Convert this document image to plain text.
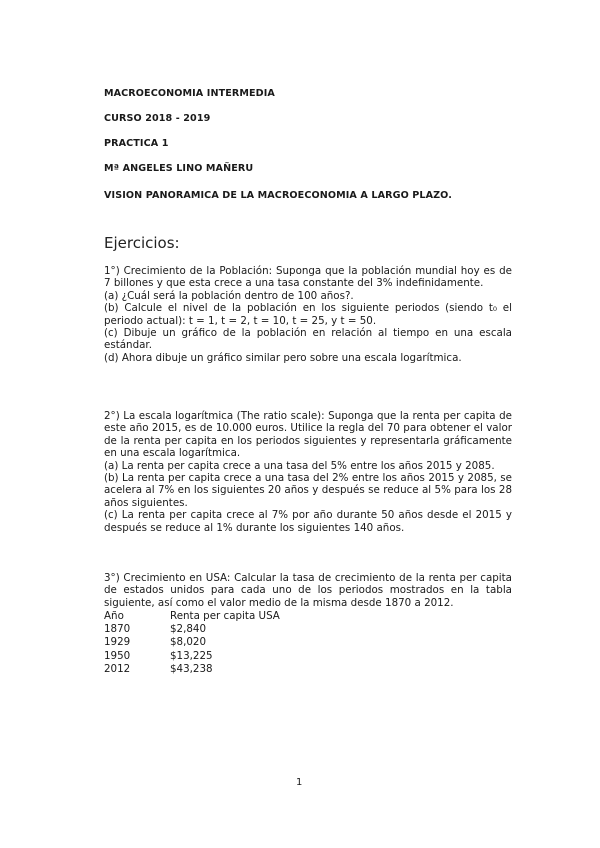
MACROECONOMIA INTERMEDIA
CURSO 2018 - 2019
PRACTICA 1
Mª ANGELES LINO MAÑERU
VISION PANORAMICA DE LA MACROECONOMIA A LARGO PLAZO.
Ejercicios:

1°) Crecimiento de la Población: Suponga que la población mundial hoy es de 7 billones y que esta crece a una tasa constante del 3% indefinidamente.

(a) ¿Cuál será la población dentro de 100 años?.

(b) Calcule el nivel de la población en los siguiente periodos (siendo t₀ el periodo actual): t = 1, t = 2, t = 10, t = 25, y t = 50.

(c) Dibuje un gráfico de la población en relación al tiempo en una escala estándar.

(d) Ahora dibuje un gráfico similar pero sobre una escala logarítmica.

2°) La escala logarítmica (The ratio scale): Suponga que la renta per capita de este año 2015, es de 10.000 euros. Utilice la regla del 70 para obtener el valor de la renta per capita en los periodos siguientes y representarla gráficamente en una escala logarítmica.

(a) La renta per capita crece a una tasa del 5% entre los años 2015 y 2085.

(b) La renta per capita crece a una tasa del 2% entre los años 2015 y 2085, se acelera al 7% en los siguientes 20 años y después se reduce al 5% para los 28 años siguientes.

(c) La renta per capita crece al 7% por año durante 50 años desde el 2015 y después se reduce al 1% durante los siguientes 140 años.

3°) Crecimiento en USA: Calcular la tasa de crecimiento de la renta per capita de estados unidos para cada uno de los periodos mostrados en la tabla siguiente, así como el valor medio de la misma desde 1870 a 2012.

Año	Renta per capita USA
1870	$2,840
1929	$8,020
1950	$13,225
2012	$43,238
1
